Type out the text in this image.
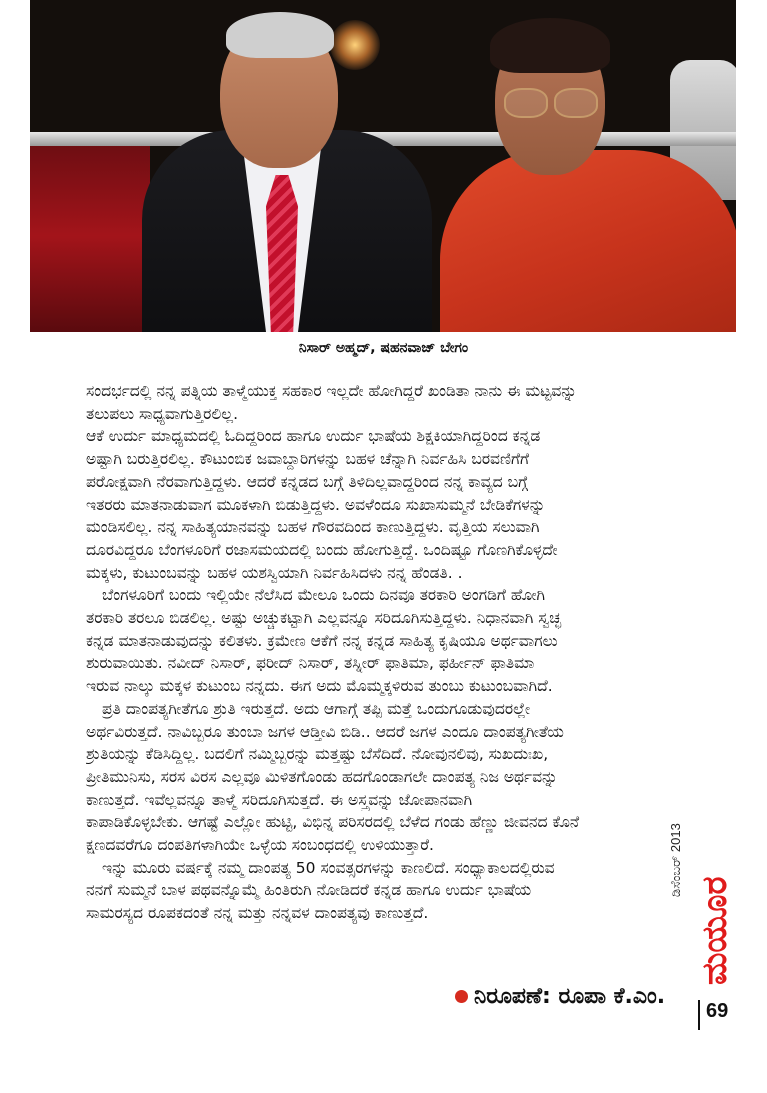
ನಿಸಾರ್ ಅಹ್ಮದ್, ಷಹನವಾಜ್ ಬೇಗಂ
ಸಂದರ್ಭದಲ್ಲಿ ನನ್ನ ಪತ್ನಿಯ ತಾಳ್ಮೆಯುಕ್ತ ಸಹಕಾರ ಇಲ್ಲದೇ ಹೋಗಿದ್ದರೆ ಖಂಡಿತಾ ನಾನು ಈ ಮಟ್ಟವನ್ನು
ತಲುಪಲು ಸಾಧ್ಯವಾಗುತ್ತಿರಲಿಲ್ಲ.
ಆಕೆ ಉರ್ದು ಮಾಧ್ಯಮದಲ್ಲಿ ಓದಿದ್ದರಿಂದ ಹಾಗೂ ಉರ್ದು ಭಾಷೆಯ ಶಿಕ್ಷಕಿಯಾಗಿದ್ದರಿಂದ ಕನ್ನಡ
ಅಷ್ಟಾಗಿ ಬರುತ್ತಿರಲಿಲ್ಲ. ಕೌಟುಂಬಿಕ ಜವಾಬ್ದಾರಿಗಳನ್ನು ಬಹಳ ಚೆನ್ನಾಗಿ ನಿರ್ವಹಿಸಿ ಬರವಣಿಗೆಗೆ
ಪರೋಕ್ಷವಾಗಿ ನೆರವಾಗುತ್ತಿದ್ದಳು. ಆದರೆ ಕನ್ನಡದ ಬಗ್ಗೆ ತಿಳಿದಿಲ್ಲವಾದ್ದರಿಂದ ನನ್ನ ಕಾವ್ಯದ ಬಗ್ಗೆ
ಇತರರು ಮಾತನಾಡುವಾಗ ಮೂಕಳಾಗಿ ಬಿಡುತ್ತಿದ್ದಳು. ಅವಳೆಂದೂ ಸುಖಾಸುಮ್ಮನೆ ಬೇಡಿಕೆಗಳನ್ನು
ಮಂಡಿಸಲಿಲ್ಲ. ನನ್ನ ಸಾಹಿತ್ಯಯಾನವನ್ನು ಬಹಳ ಗೌರವದಿಂದ ಕಾಣುತ್ತಿದ್ದಳು. ವೃತ್ತಿಯ ಸಲುವಾಗಿ
ದೂರವಿದ್ದರೂ ಬೆಂಗಳೂರಿಗೆ ರಜಾಸಮಯದಲ್ಲಿ ಬಂದು ಹೋಗುತ್ತಿದ್ದೆ. ಒಂದಿಷ್ಟೂ ಗೊಣಗಿಕೊಳ್ಳದೇ
ಮಕ್ಕಳು, ಕುಟುಂಬವನ್ನು ಬಹಳ ಯಶಸ್ವಿಯಾಗಿ ನಿರ್ವಹಿಸಿದಳು ನನ್ನ ಹೆಂಡತಿ. .
ಬೆಂಗಳೂರಿಗೆ ಬಂದು ಇಲ್ಲಿಯೇ ನೆಲೆಸಿದ ಮೇಲೂ ಒಂದು ದಿನವೂ ತರಕಾರಿ ಅಂಗಡಿಗೆ ಹೋಗಿ
ತರಕಾರಿ ತರಲೂ ಬಿಡಲಿಲ್ಲ. ಅಷ್ಟು ಅಚ್ಚುಕಟ್ಟಾಗಿ ಎಲ್ಲವನ್ನೂ ಸರಿದೂಗಿಸುತ್ತಿದ್ದಳು. ನಿಧಾನವಾಗಿ ಸ್ವಚ್ಛ
ಕನ್ನಡ ಮಾತನಾಡುವುದನ್ನು ಕಲಿತಳು. ಕ್ರಮೇಣ ಆಕೆಗೆ ನನ್ನ ಕನ್ನಡ ಸಾಹಿತ್ಯ ಕೃಷಿಯೂ ಅರ್ಥವಾಗಲು
ಶುರುವಾಯಿತು. ನವೀದ್ ನಿಸಾರ್, ಫರೀದ್ ನಿಸಾರ್, ತಸ್ನೀರ್ ಫಾತಿಮಾ, ಫರ್ಹೀನ್ ಫಾತಿಮಾ
ಇರುವ ನಾಲ್ಕು ಮಕ್ಕಳ ಕುಟುಂಬ ನನ್ನದು. ಈಗ ಅದು ಮೊಮ್ಮಕ್ಕಳಿರುವ ತುಂಬು ಕುಟುಂಬವಾಗಿದೆ.
ಪ್ರತಿ ದಾಂಪತ್ಯಗೀತೆಗೂ ಶ್ರುತಿ ಇರುತ್ತದೆ. ಅದು ಆಗಾಗ್ಗೆ ತಪ್ಪಿ ಮತ್ತೆ ಒಂದುಗೂಡುವುದರಲ್ಲೇ
ಅರ್ಥವಿರುತ್ತದೆ. ನಾವಿಬ್ಬರೂ ತುಂಬಾ ಜಗಳ ಆಡ್ತೀವಿ ಬಿಡಿ.. ಆದರೆ ಜಗಳ ಎಂದೂ ದಾಂಪತ್ಯಗೀತೆಯ
ಶ್ರುತಿಯನ್ನು ಕೆಡಿಸಿದ್ದಿಲ್ಲ. ಬದಲಿಗೆ ನಮ್ಮಿಬ್ಬರನ್ನು ಮತ್ತಷ್ಟು ಬೆಸೆದಿದೆ. ನೋವುನಲಿವು, ಸುಖದುಃಖ,
ಪ್ರೀತಿಮುನಿಸು, ಸರಸ ವಿರಸ ಎಲ್ಲವೂ ಮಿಳಿತಗೊಂಡು ಹದಗೊಂಡಾಗಲೇ ದಾಂಪತ್ಯ ನಿಜ ಅರ್ಥವನ್ನು
ಕಾಣುತ್ತದೆ. ಇವೆಲ್ಲವನ್ನೂ ತಾಳ್ಮೆ ಸರಿದೂಗಿಸುತ್ತದೆ. ಈ ಅಸ್ತ್ರವನ್ನು ಜೋಪಾನವಾಗಿ
ಕಾಪಾಡಿಕೊಳ್ಳಬೇಕು. ಆಗಷ್ಟೆ ಎಲ್ಲೋ ಹುಟ್ಟಿ, ವಿಭಿನ್ನ ಪರಿಸರದಲ್ಲಿ ಬೆಳೆದ ಗಂಡು ಹೆಣ್ಣು ಜೀವನದ ಕೊನೆ
ಕ್ಷಣದವರೆಗೂ ದಂಪತಿಗಳಾಗಿಯೇ ಒಳ್ಳೆಯ ಸಂಬಂಧದಲ್ಲಿ ಉಳಿಯುತ್ತಾರೆ.
ಇನ್ನು ಮೂರು ವರ್ಷಕ್ಕೆ ನಮ್ಮ ದಾಂಪತ್ಯ 50 ಸಂವತ್ಸರಗಳನ್ನು ಕಾಣಲಿದೆ. ಸಂಧ್ಯಾಕಾಲದಲ್ಲಿರುವ
ನನಗೆ ಸುಮ್ಮನೆ ಬಾಳ ಪಥವನ್ನೊಮ್ಮೆ ಹಿಂತಿರುಗಿ ನೋಡಿದರೆ ಕನ್ನಡ ಹಾಗೂ ಉರ್ದು ಭಾಷೆಯ
ಸಾಮರಸ್ಯದ ರೂಪಕದಂತೆ ನನ್ನ ಮತ್ತು ನನ್ನವಳ ದಾಂಪತ್ಯವು ಕಾಣುತ್ತದೆ.
ಡಿಸೆಂಬರ್ 2013
ಮಯೂರ
ನಿರೂಪಣೆ: ರೂಪಾ ಕೆ.ಎಂ.
69
